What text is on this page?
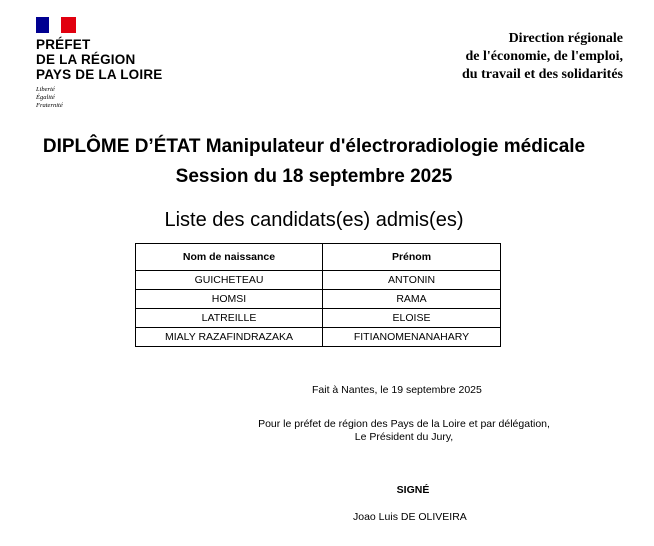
PRÉFET
DE LA RÉGION
PAYS DE LA LOIRE
Liberté
Égalité
Fraternité
Direction régionale
de l'économie, de l'emploi,
du travail et des solidarités
DIPLÔME D’ÉTAT Manipulateur d'électroradiologie médicale
Session du 18 septembre 2025
Liste des candidats(es) admis(es)
Nom de naissance	Prénom
GUICHETEAU	ANTONIN
HOMSI	RAMA
LATREILLE	ELOISE
MIALY RAZAFINDRAZAKA	FITIANOMENANAHARY
Fait à Nantes, le 19 septembre 2025
Pour le préfet de région des Pays de la Loire et par délégation,
Le Président du Jury,
SIGNÉ
Joao Luis DE OLIVEIRA
